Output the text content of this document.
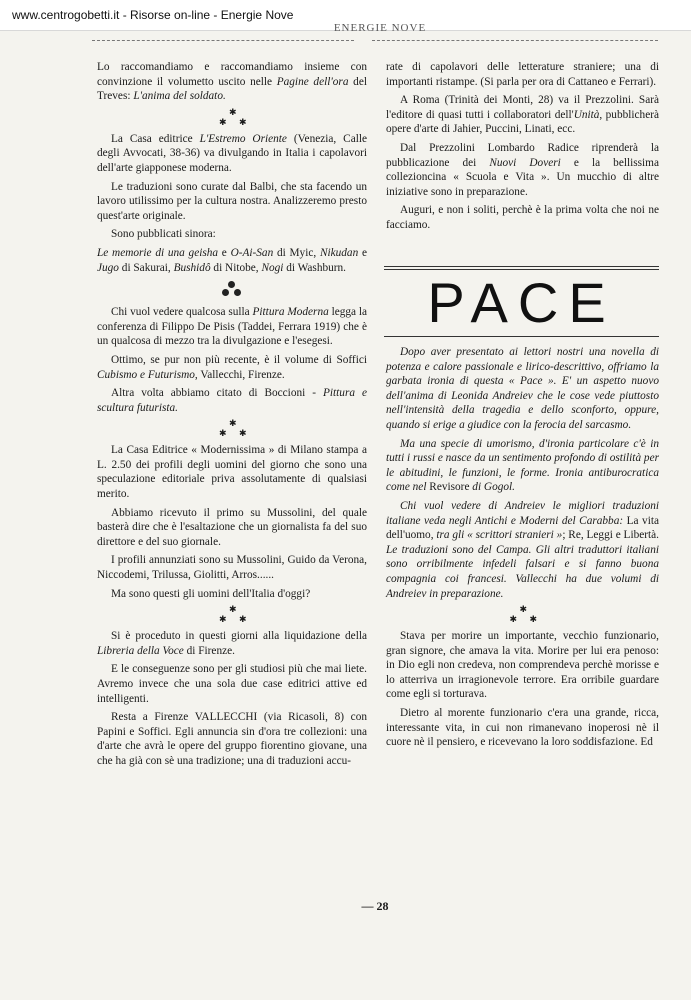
www.centrogobetti.it - Risorse on-line - Energie Nove
ENERGIE NOVE

Lo raccomandiamo e raccomandiamo insieme con convinzione il volumetto uscito nelle Pagine dell'ora del Treves: L'anima del soldato.

✱
✱ ✱

La Casa editrice L'Estremo Oriente (Venezia, Calle degli Avvocati, 38-36) va divulgando in Italia i capolavori dell'arte giapponese moderna.

Le traduzioni sono curate dal Balbi, che sta facendo un lavoro utilissimo per la cultura nostra. Analizzeremo presto quest'arte originale.

Sono pubblicati sinora:

Le memorie di una geisha e O-Ai-San di Myic, Nikudan e Jugo di Sakurai, Bushidô di Nitobe, Nogi di Washburn.

Chi vuol vedere qualcosa sulla Pittura Moderna legga la conferenza di Filippo De Pisis (Taddei, Ferrara 1919) che è un qualcosa di mezzo tra la divulgazione e l'esegesi.

Ottimo, se pur non più recente, è il volume di Soffici Cubismo e Futurismo, Vallecchi, Firenze.

Altra volta abbiamo citato di Boccioni - Pittura e scultura futurista.

✱
✱ ✱

La Casa Editrice « Modernissima » di Milano stampa a L. 2.50 dei profili degli uomini del giorno che sono una speculazione editoriale priva assolutamente di qualsiasi merito.

Abbiamo ricevuto il primo su Mussolini, del quale basterà dire che è l'esaltazione che un giornalista fa del suo direttore e del suo giornale.

I profili annunziati sono su Mussolini, Guido da Verona, Niccodemi, Trilussa, Giolitti, Arros......

Ma sono questi gli uomini dell'Italia d'oggi?

✱
✱ ✱

Si è proceduto in questi giorni alla liquidazione della Libreria della Voce di Firenze.

E le conseguenze sono per gli studiosi più che mai liete. Avremo invece che una sola due case editrici attive ed intelligenti.

Resta a Firenze VALLECCHI (via Ricasoli, 8) con Papini e Soffici. Egli annuncia sin d'ora tre collezioni: una d'arte che avrà le opere del gruppo fiorentino giovane, una che ha già con sè una tradizione; una di traduzioni accu-

rate di capolavori delle letterature straniere; una di importanti ristampe. (Si parla per ora di Cattaneo e Ferrari).

A Roma (Trinità dei Monti, 28) va il Prezzolini. Sarà l'editore di quasi tutti i collaboratori dell'Unità, pubblicherà opere d'arte di Jahier, Puccini, Linati, ecc.

Dal Prezzolini Lombardo Radice riprenderà la pubblicazione dei Nuovi Doveri e la bellissima colleziоncina « Scuola e Vita ». Un mucchio di altre iniziative sono in preparazione.

Auguri, e non i soliti, perchè è la prima volta che noi ne facciamo.

PACE

Dopo aver presentato ai lettori nostri una novella di potenza e calore passionale e lirico-descrittivo, offriamo la garbata ironia di questa « Pace ». E' un aspetto nuovo dell'anima di Leonida Andreiev che le cose vede piuttosto nell'intensità della tragedia e dello sconforto, oppure, quando si erige a giudice con la ferocia del sarcasmo.

Ma una specie di umorismo, d'ironia particolare c'è in tutti i russi e nasce da un sentimento profondo di ostilità per le abitudini, le funzioni, le forme. Ironia antiburocratica come nel Revisore di Gogol.

Chi vuol vedere di Andreiev le migliori traduzioni italiane veda negli Antichi e Moderni del Carabba: La vita dell'uomo, tra gli « scrittori stranieri »; Re, Leggi e Libertà. Le traduzioni sono del Campa. Gli altri traduttori italiani sono orribilmente infedeli falsari e si fanno buona compagnia coi francesi. Vallecchi ha due volumi di Andreiev in preparazione.

✱
✱ ✱

Stava per morire un importante, vecchio funzionario, gran signore, che amava la vita. Morire per lui era penoso: in Dio egli non credeva, non comprendeva perchè morisse e lo atterriva un irragionevole terrore. Era orribile guardare come egli si torturava.

Dietro al morente funzionario c'era una grande, ricca, interessante vita, in cui non rimanevano inoperosi nè il cuore nè il pensiero, e ricevevano la loro soddisfazione. Ed

— 28
